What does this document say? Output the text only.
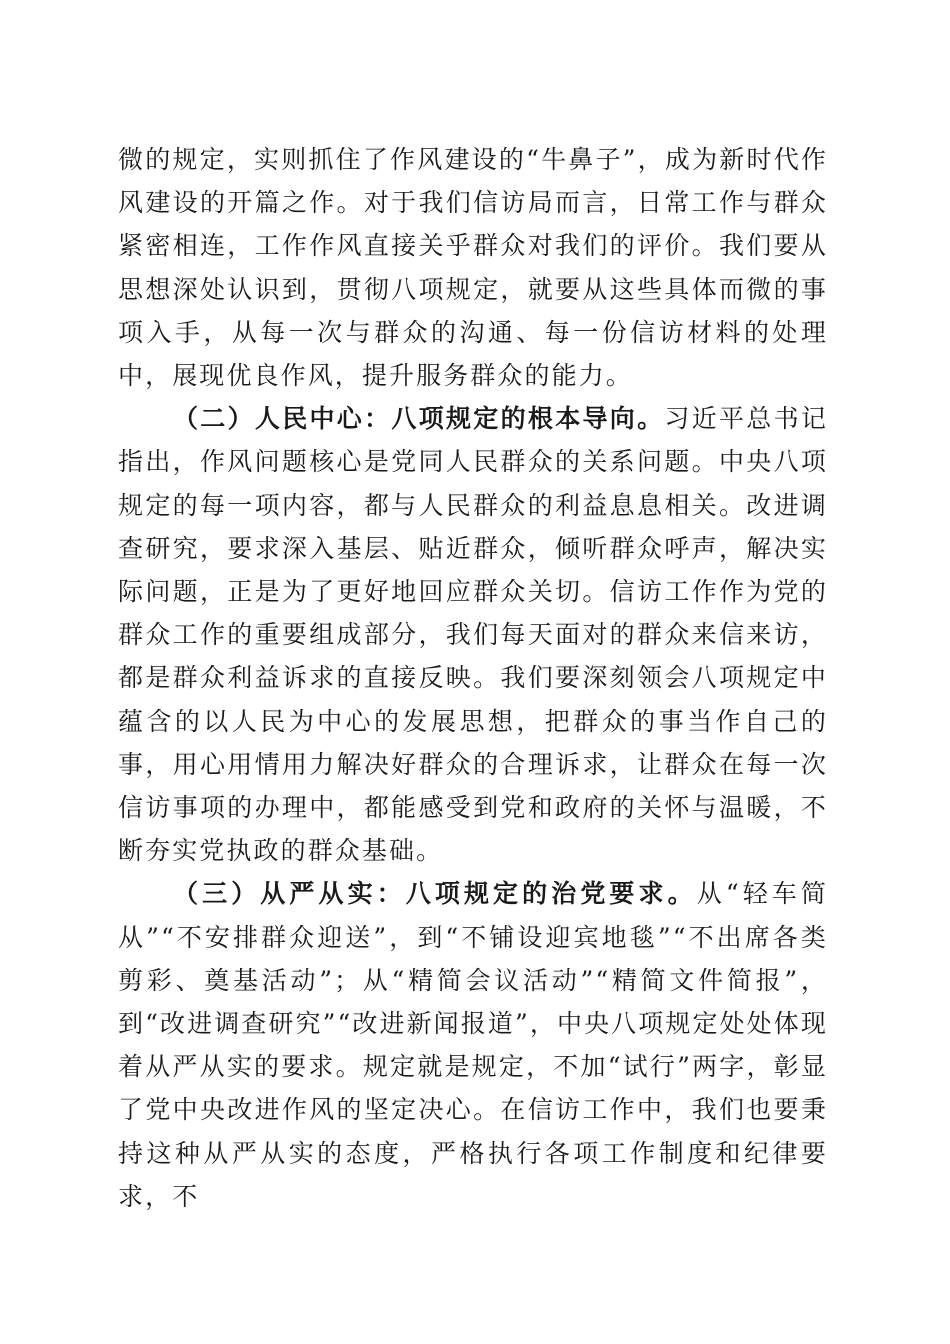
微的规定，实则抓住了作风建设的“牛鼻子”，成为新时代作风建设的开篇之作。对于我们信访局而言，日常工作与群众紧密相连，工作作风直接关乎群众对我们的评价。我们要从思想深处认识到，贯彻八项规定，就要从这些具体而微的事项入手，从每一次与群众的沟通、每一份信访材料的处理中，展现优良作风，提升服务群众的能力。

（二）人民中心：八项规定的根本导向。习近平总书记指出，作风问题核心是党同人民群众的关系问题。中央八项规定的每一项内容，都与人民群众的利益息息相关。改进调查研究，要求深入基层、贴近群众，倾听群众呼声，解决实际问题，正是为了更好地回应群众关切。信访工作作为党的群众工作的重要组成部分，我们每天面对的群众来信来访，都是群众利益诉求的直接反映。我们要深刻领会八项规定中蕴含的以人民为中心的发展思想，把群众的事当作自己的事，用心用情用力解决好群众的合理诉求，让群众在每一次信访事项的办理中，都能感受到党和政府的关怀与温暖，不断夯实党执政的群众基础。

（三）从严从实：八项规定的治党要求。从“轻车简从”“不安排群众迎送”，到“不铺设迎宾地毯”“不出席各类剪彩、奠基活动”；从“精简会议活动”“精简文件简报”，到“改进调查研究”“改进新闻报道”，中央八项规定处处体现着从严从实的要求。规定就是规定，不加“试行”两字，彰显了党中央改进作风的坚定决心。在信访工作中，我们也要秉持这种从严从实的态度，严格执行各项工作制度和纪律要求，不
